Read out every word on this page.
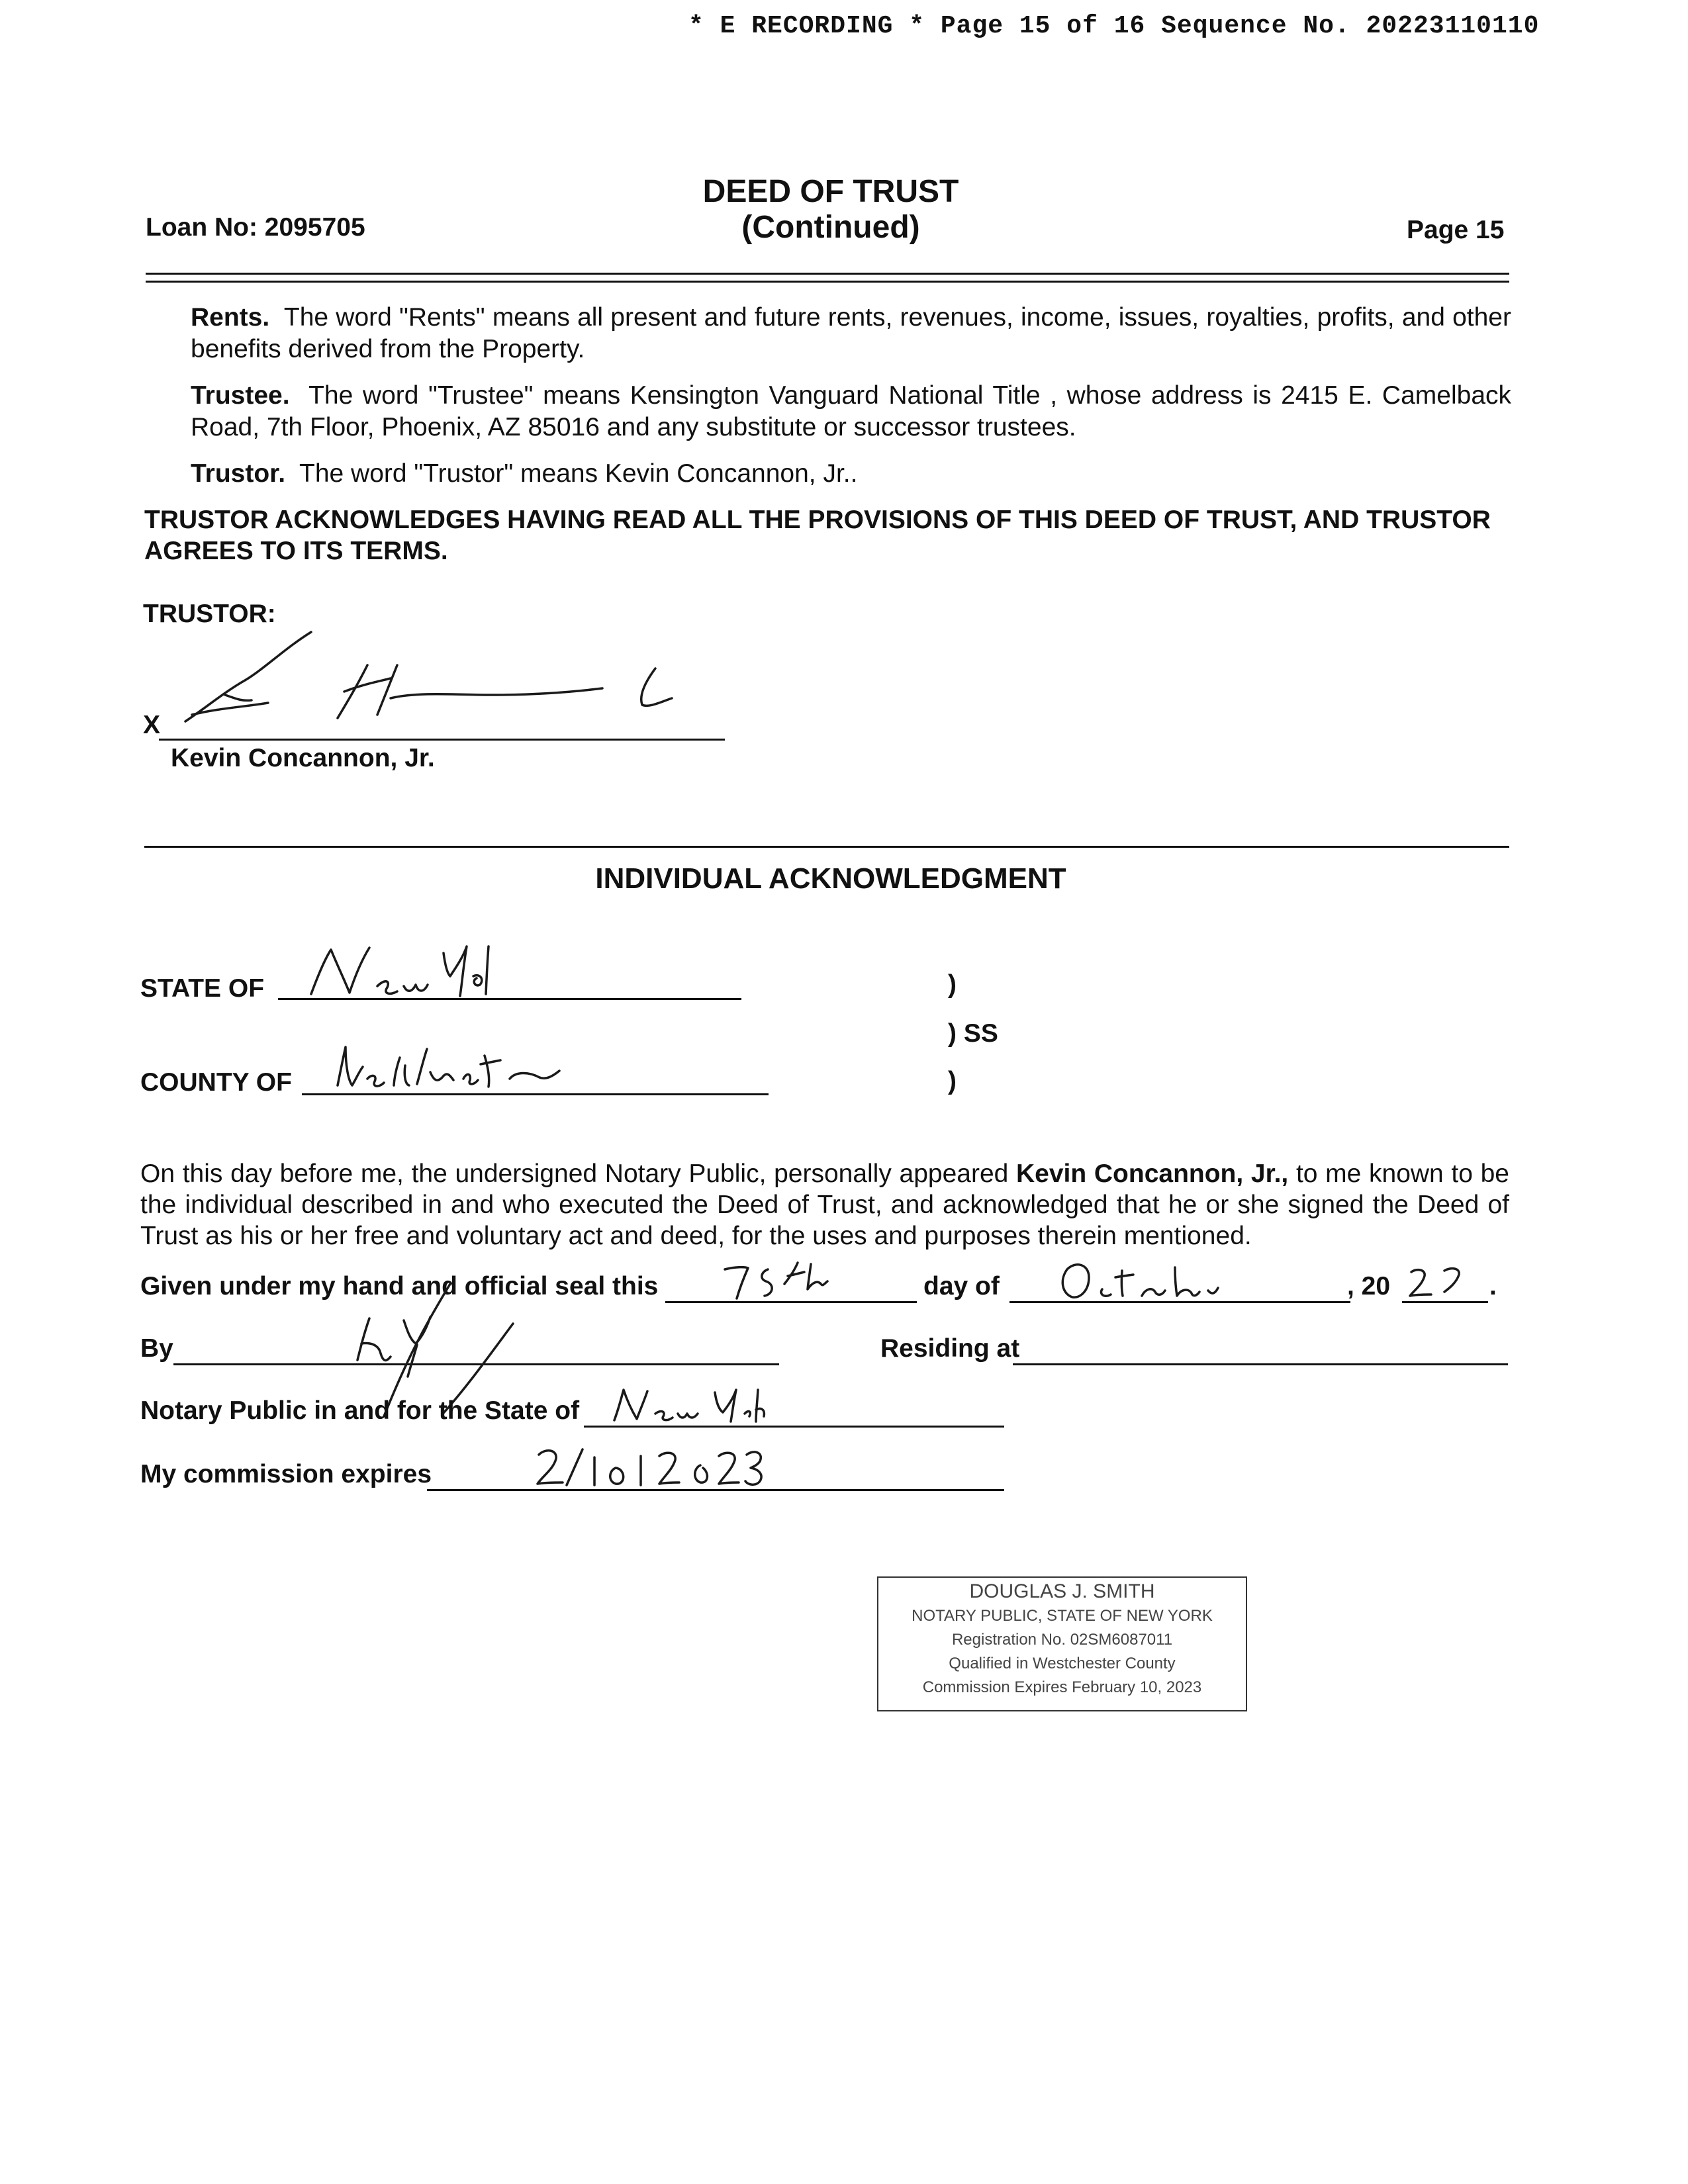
* E RECORDING * Page 15 of 16 Sequence No. 20223110110
DEED OF TRUST
(Continued)
Loan No: 2095705	Page 15
Rents. The word "Rents" means all present and future rents, revenues, income, issues, royalties, profits, and other benefits derived from the Property.
Trustee. The word "Trustee" means Kensington Vanguard National Title , whose address is 2415 E. Camelback Road, 7th Floor, Phoenix, AZ 85016 and any substitute or successor trustees.
Trustor. The word "Trustor" means Kevin Concannon, Jr..
TRUSTOR ACKNOWLEDGES HAVING READ ALL THE PROVISIONS OF THIS DEED OF TRUST, AND TRUSTOR AGREES TO ITS TERMS.
TRUSTOR:
X
Kevin Concannon, Jr.
INDIVIDUAL ACKNOWLEDGMENT
STATE OF	)
) SS
)
COUNTY OF
On this day before me, the undersigned Notary Public, personally appeared Kevin Concannon, Jr., to me known to be the individual described in and who executed the Deed of Trust, and acknowledged that he or she signed the Deed of Trust as his or her free and voluntary act and deed, for the uses and purposes therein mentioned.
Given under my hand and official seal this	day of	, 20	.
By	Residing at
Notary Public in and for the State of
My commission expires
DOUGLAS J. SMITH
NOTARY PUBLIC, STATE OF NEW YORK
Registration No. 02SM6087011
Qualified in Westchester County
Commission Expires February 10, 2023
